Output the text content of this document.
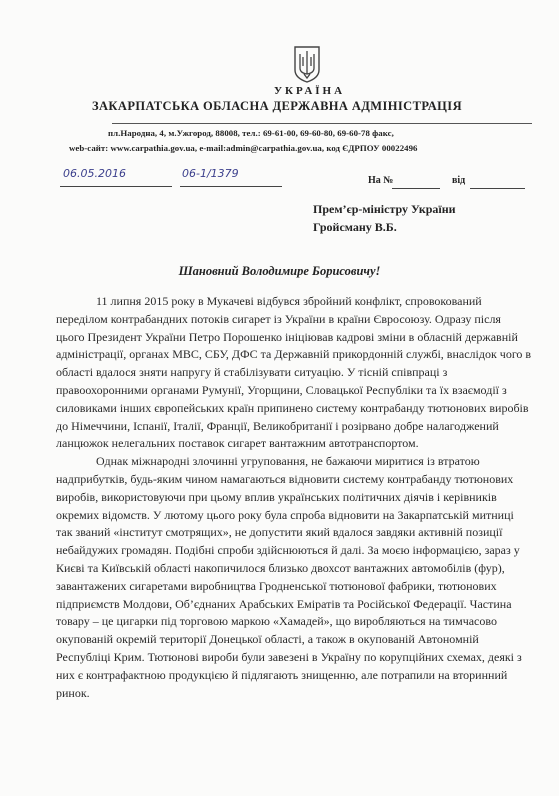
УКРАЇНА
ЗАКАРПАТСЬКА ОБЛАСНА ДЕРЖАВНА АДМІНІСТРАЦІЯ
пл.Народна, 4, м.Ужгород, 88008, тел.: 69-61-00, 69-60-80, 69-60-78 факс,
web-сайт: www.carpathia.gov.ua, e-mail:admin@carpathia.gov.ua, код ЄДРПОУ 00022496
06.05.2016	06-1/1379
На №	від
Прем’єр-міністру України
Гройсману В.Б.
Шановний Володимире Борисовичу!

11 липня 2015 року в Мукачеві відбувся збройний конфлікт, спровокований переділом контрабандних потоків сигарет із України в країни Євросоюзу. Одразу після цього Президент України Петро Порошенко ініціював кадрові зміни в обласній державній адміністрації, органах МВС, СБУ, ДФС та Державній прикордонній службі, внаслідок чого в області вдалося зняти напругу й стабілізувати ситуацію. У тісній співпраці з правоохоронними органами Румунії, Угорщини, Словацької Республіки та їх взаємодії з силовиками інших європейських країн припинено систему контрабанду тютюнових виробів до Німеччини, Іспанії, Італії, Франції, Великобританії і розірвано добре налагоджений ланцюжок нелегальних поставок сигарет вантажним автотранспортом.

Однак міжнародні злочинні угруповання, не бажаючи миритися із втратою надприбутків, будь-яким чином намагаються відновити систему контрабанду тютюнових виробів, використовуючи при цьому вплив українських політичних діячів і керівників окремих відомств. У лютому цього року була спроба відновити на Закарпатській митниці так званий «інститут смотрящих», не допустити який вдалося завдяки активній позиції небайдужих громадян. Подібні спроби здійснюються й далі. За моєю інформацією, зараз у Києві та Київській області накопичилося близько двохсот вантажних автомобілів (фур), завантажених сигаретами виробництва Гродненської тютюнової фабрики, тютюнових підприємств Молдови, Об’єднаних Арабських Еміратів та Російської Федерації. Частина товару – це цигарки під торговою маркою «Хамадей», що виробляються на тимчасово окупованій окремій території Донецької області, а також в окупованій Автономній Республіці Крим. Тютюнові вироби були завезені в Україну по корупційних схемах, деякі з них є контрафактною продукцією й підлягають знищенню, але потрапили на вторинний ринок.
